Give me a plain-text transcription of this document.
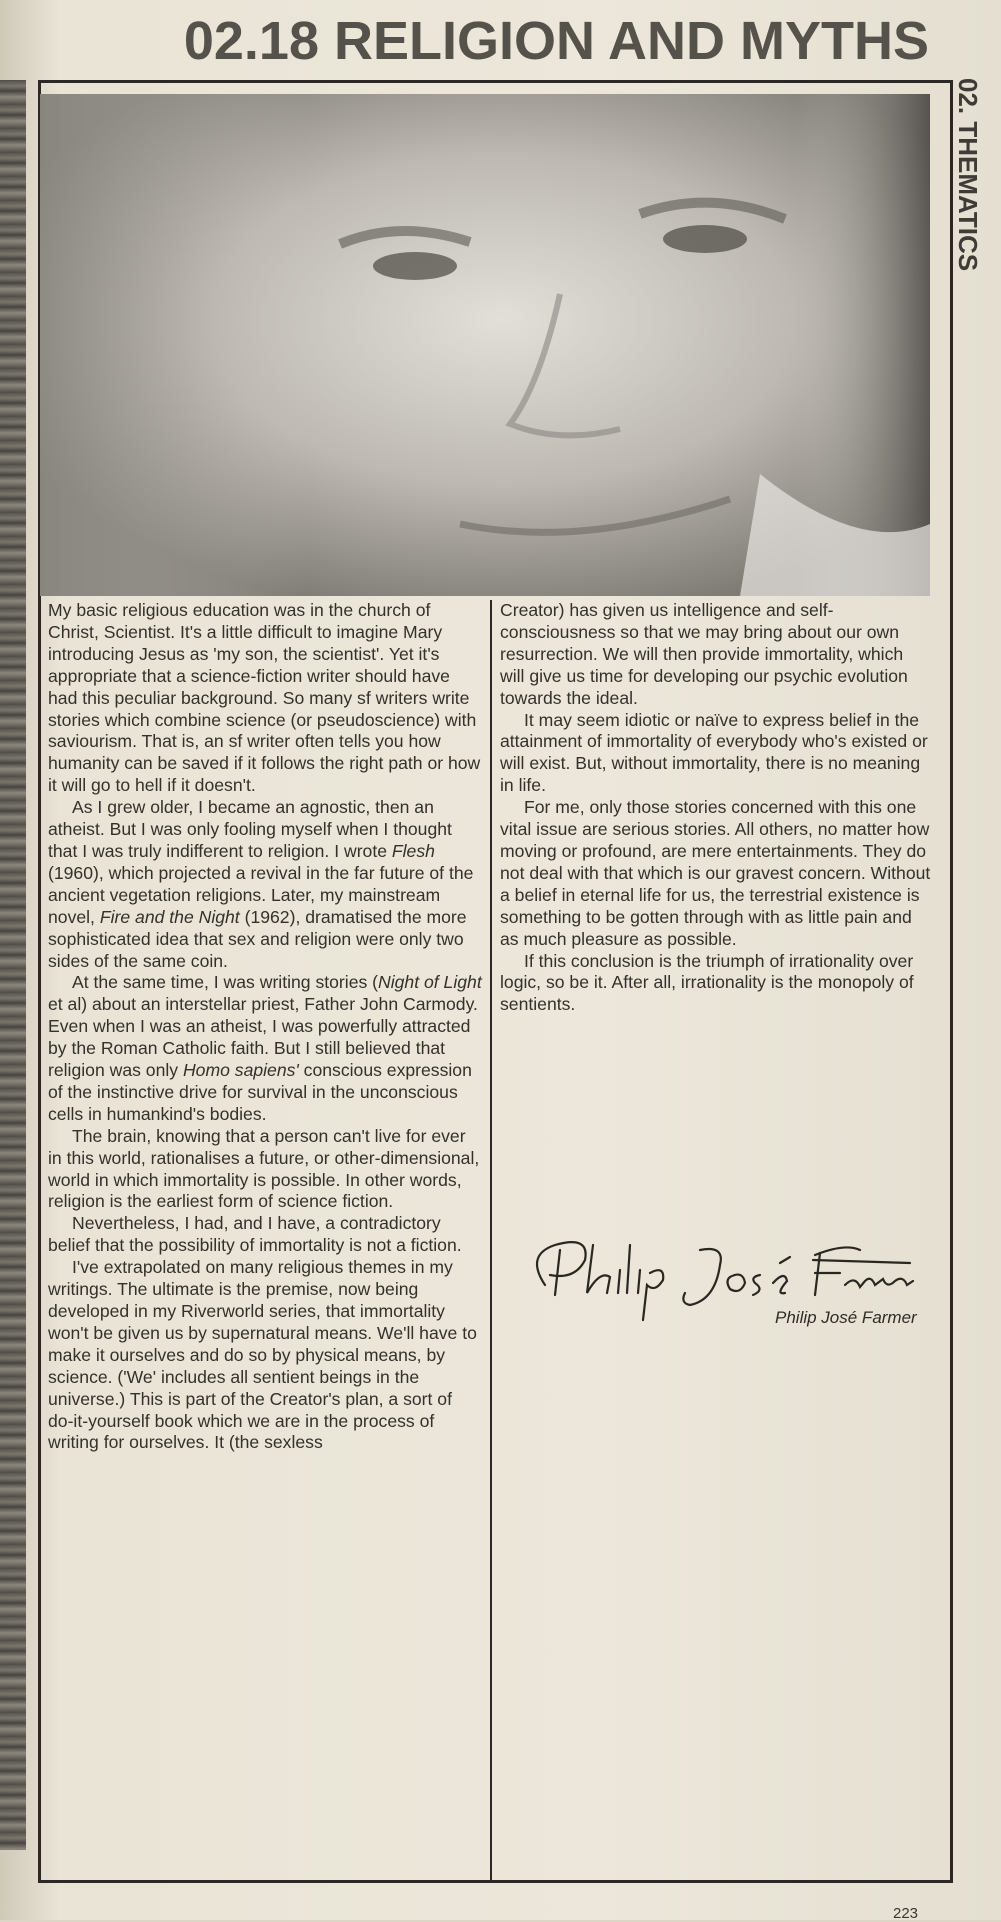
02.18 RELIGION AND MYTHS
02. THEMATICS

My basic religious education was in the church of Christ, Scientist. It's a little difficult to imagine Mary introducing Jesus as 'my son, the scientist'. Yet it's appropriate that a science-fiction writer should have had this peculiar background. So many sf writers write stories which combine science (or pseudoscience) with saviourism. That is, an sf writer often tells you how humanity can be saved if it follows the right path or how it will go to hell if it doesn't.

As I grew older, I became an agnostic, then an atheist. But I was only fooling myself when I thought that I was truly indifferent to religion. I wrote Flesh (1960), which projected a revival in the far future of the ancient vegetation religions. Later, my mainstream novel, Fire and the Night (1962), dramatised the more sophisticated idea that sex and religion were only two sides of the same coin.

At the same time, I was writing stories (Night of Light et al) about an interstellar priest, Father John Carmody. Even when I was an atheist, I was powerfully attracted by the Roman Catholic faith. But I still believed that religion was only Homo sapiens' conscious expression of the instinctive drive for survival in the unconscious cells in humankind's bodies.

The brain, knowing that a person can't live for ever in this world, rationalises a future, or other-dimensional, world in which immortality is possible. In other words, religion is the earliest form of science fiction.

Nevertheless, I had, and I have, a contradictory belief that the possibility of immortality is not a fiction.

I've extrapolated on many religious themes in my writings. The ultimate is the premise, now being developed in my Riverworld series, that immortality won't be given us by supernatural means. We'll have to make it ourselves and do so by physical means, by science. ('We' includes all sentient beings in the universe.) This is part of the Creator's plan, a sort of do-it-yourself book which we are in the process of writing for ourselves. It (the sexless

Creator) has given us intelligence and self-consciousness so that we may bring about our own resurrection. We will then provide immortality, which will give us time for developing our psychic evolution towards the ideal.

It may seem idiotic or naïve to express belief in the attainment of immortality of everybody who's existed or will exist. But, without immortality, there is no meaning in life.

For me, only those stories concerned with this one vital issue are serious stories. All others, no matter how moving or profound, are mere entertainments. They do not deal with that which is our gravest concern. Without a belief in eternal life for us, the terrestrial existence is something to be gotten through with as little pain and as much pleasure as possible.

If this conclusion is the triumph of irrationality over logic, so be it. After all, irrationality is the monopoly of sentients.

Philip José Farmer
223
